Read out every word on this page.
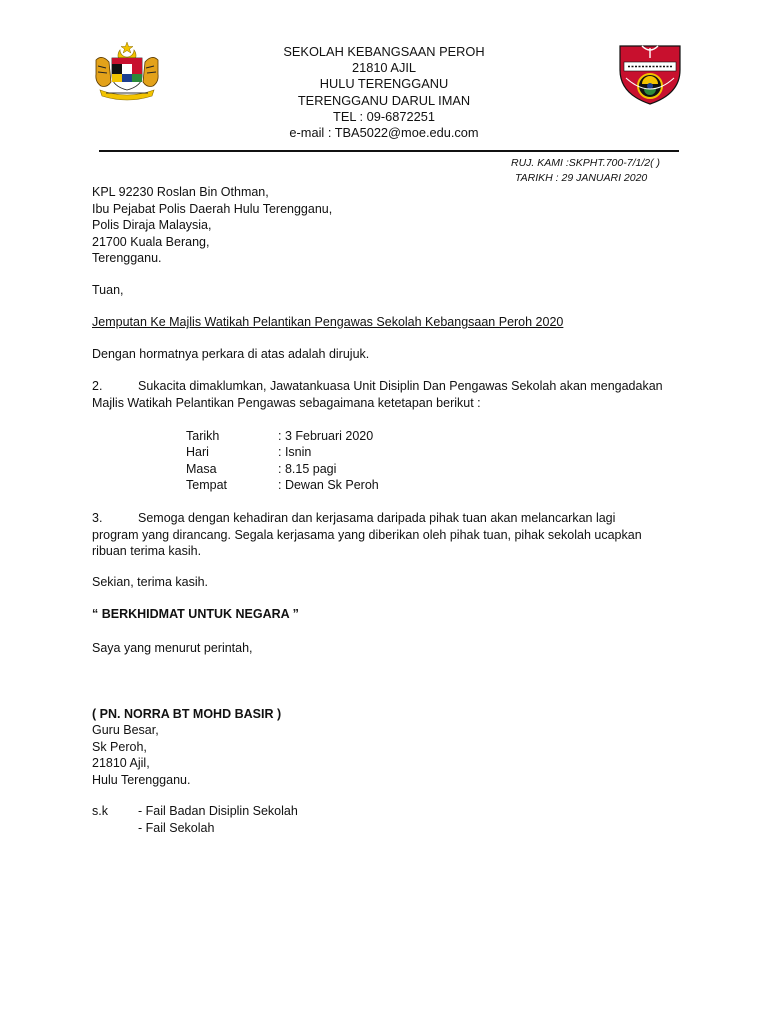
SEKOLAH KEBANGSAAN PEROH
21810 AJIL
HULU TERENGGANU
TERENGGANU DARUL IMAN
TEL : 09-6872251
e-mail : TBA5022@moe.edu.com
RUJ. KAMI :SKPHT.700-7/1/2( )
TARIKH : 29 JANUARI 2020
KPL 92230 Roslan Bin Othman,
Ibu Pejabat Polis Daerah Hulu Terengganu,
Polis Diraja Malaysia,
21700 Kuala Berang,
Terengganu.
Tuan,
Jemputan Ke Majlis Watikah Pelantikan Pengawas Sekolah Kebangsaan Peroh 2020
Dengan hormatnya perkara di atas adalah dirujuk.
2.	Sukacita dimaklumkan, Jawatankuasa Unit Disiplin Dan Pengawas Sekolah akan mengadakan
Majlis Watikah Pelantikan Pengawas sebagaimana ketetapan berikut :
Tarikh	: 3 Februari 2020
Hari	: Isnin
Masa	: 8.15 pagi
Tempat	: Dewan Sk Peroh
3.	Semoga dengan kehadiran dan kerjasama daripada pihak tuan akan melancarkan lagi
program yang dirancang. Segala kerjasama yang diberikan oleh pihak tuan, pihak sekolah ucapkan
ribuan terima kasih.
Sekian, terima kasih.
“ BERKHIDMAT UNTUK NEGARA ”
Saya yang menurut perintah,
( PN. NORRA BT MOHD BASIR )
Guru Besar,
Sk Peroh,
21810 Ajil,
Hulu Terengganu.
s.k	- Fail Badan Disiplin Sekolah
- Fail Sekolah
